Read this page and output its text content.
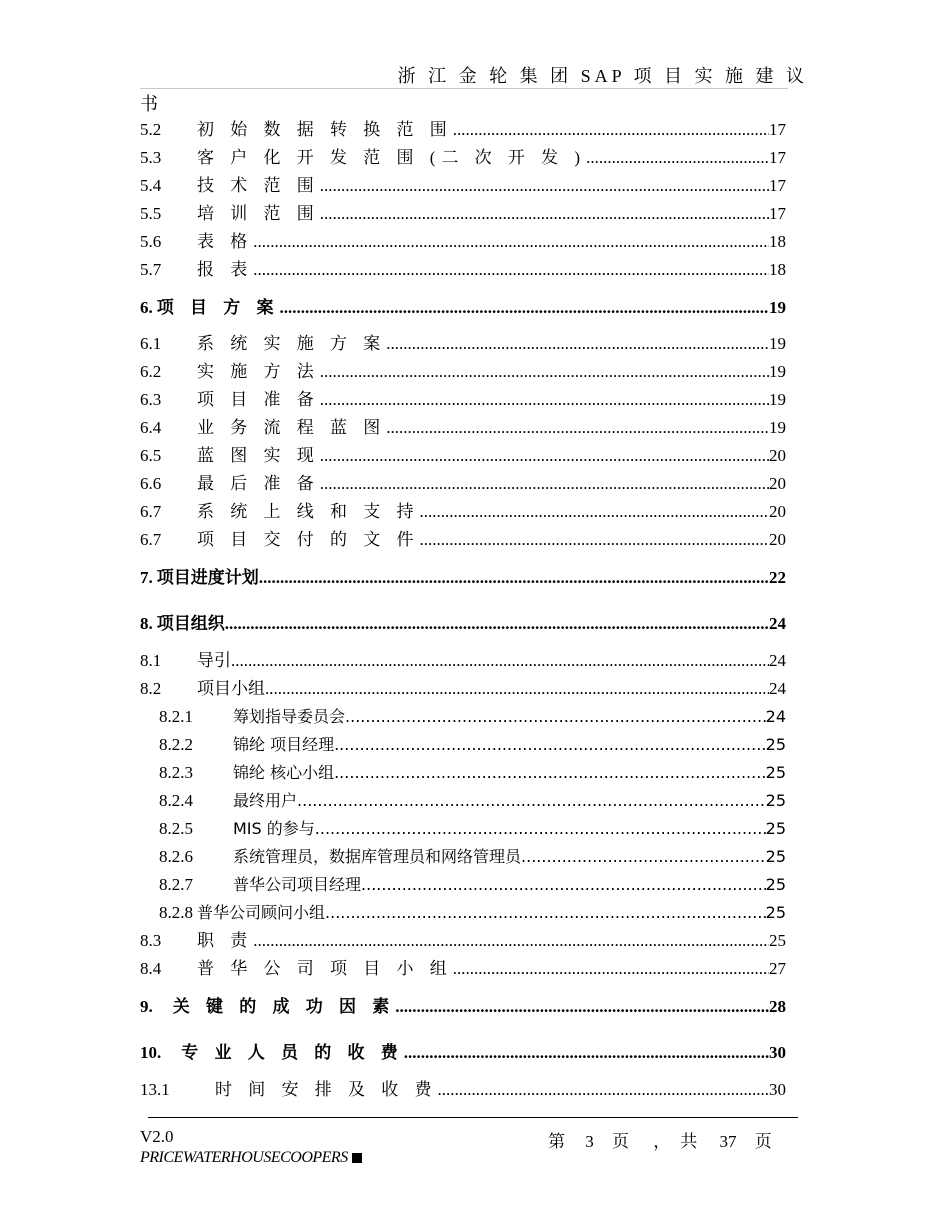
浙 江 金 轮 集 团 SAP 项 目 实 施 建 议
书
5.2	初 始 数 据 转 换 范 围 .....	17
5.3	客 户 化 开 发 范 围 (二 次 开 发 ) .....	17
5.4	技 术 范 围 .....	17
5.5	培 训 范 围 .....	17
5.6	表 格 .....	18
5.7	报 表 .....	18
6. 项 目 方 案 .....	19
6.1	系 统 实 施 方 案 .....	19
6.2	实 施 方 法 .....	19
6.3	项 目 准 备 .....	19
6.4	业 务 流 程 蓝 图 .....	19
6.5	蓝 图 实 现 .....	20
6.6	最 后 准 备 .....	20
6.7	系 统 上 线 和 支 持 .....	20
6.7	项 目 交 付 的 文 件 .....	20
7. 项目进度计划 .....	22
8. 项目组织 .....	24
8.1	导引 .....	24
8.2	项目小组 .....	24
8.2.1	筹划指导委员会 .....	24
8.2.2	锦纶 项目经理 .....	25
8.2.3	锦纶 核心小组 .....	25
8.2.4	最终用户 .....	25
8.2.5	MIS 的参与 .....	25
8.2.6	系统管理员，数据库管理员和网络管理员 .....	25
8.2.7	普华公司项目经理 .....	25
8.2.8 普华公司顾问小组 .....	25
8.3	职 责 .....	25
8.4	普 华 公 司 项 目 小 组 .....	27
9.	关 键 的 成 功 因 素 .....	28
10.	专 业 人 员 的 收 费 .....	30
13.1	时 间 安 排 及 收 费 .....	30
V2.0	第 3 页 ，共 37 页
PRICEWATERHOUSECOOPERS
